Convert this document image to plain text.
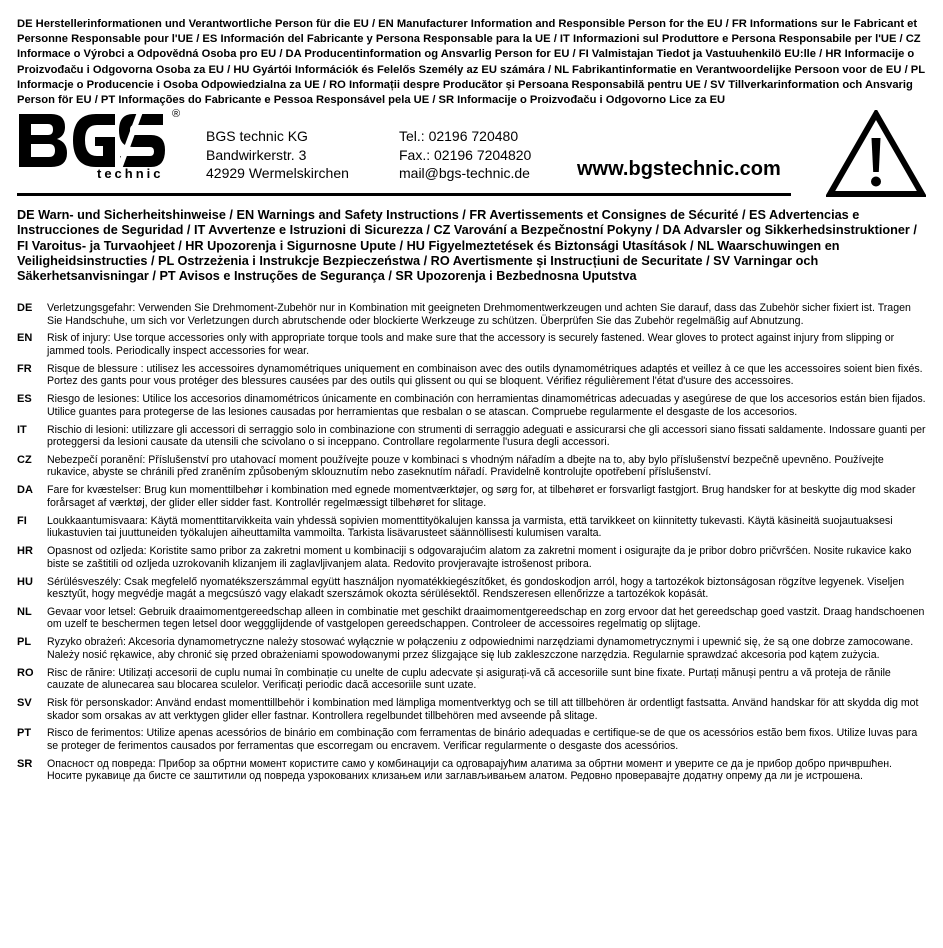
DE Herstellerinformationen und Verantwortliche Person für die EU / EN Manufacturer Information and Responsible Person for the EU / FR Informations sur le Fabricant et Personne Responsable pour l'UE / ES Información del Fabricante y Persona Responsable para la UE / IT Informazioni sul Produttore e Persona Responsabile per l'UE / CZ Informace o Výrobci a Odpovědná Osoba pro EU / DA Producentinformation og Ansvarlig Person for EU / FI Valmistajan Tiedot ja Vastuuhenkilö EU:lle / HR Informacije o Proizvođaču i Odgovorna Osoba za EU / HU Gyártói Információk és Felelős Személy az EU számára / NL Fabrikantinformatie en Verantwoordelijke Persoon voor de EU / PL Informacje o Producencie i Osoba Odpowiedzialna za UE / RO Informații despre Producător și Persoana Responsabilă pentru UE / SV Tillverkarinformation och Ansvarig Person för EU / PT Informações do Fabricante e Pessoa Responsável pela UE / SR Informacije o Proizvođaču i Odgovorno Lice za EU
®
technic
BGS technic KG
Bandwirkerstr. 3
42929 Wermelskirchen
Tel.: 02196 720480
Fax.: 02196 7204820
mail@bgs-technic.de www.bgstechnic.com
DE Warn- und Sicherheitshinweise / EN Warnings and Safety Instructions / FR Avertissements et Consignes de Sécurité / ES Advertencias e Instrucciones de Seguridad / IT Avvertenze e Istruzioni di Sicurezza / CZ Varování a Bezpečnostní Pokyny / DA Advarsler og Sikkerhedsinstruktioner / FI Varoitus- ja Turvaohjeet / HR Upozorenja i Sigurnosne Upute / HU Figyelmeztetések és Biztonsági Utasítások / NL Waarschuwingen en Veiligheidsinstructies / PL Ostrzeżenia i Instrukcje Bezpieczeństwa / RO Avertismente și Instrucțiuni de Securitate / SV Varningar och Säkerhetsanvisningar / PT Avisos e Instruções de Segurança / SR Upozorenja i Bezbednosna Uputstva
DE	Verletzungsgefahr: Verwenden Sie Drehmoment-Zubehör nur in Kombination mit geeigneten Drehmomentwerkzeugen und achten Sie darauf, dass das Zubehör sicher fixiert ist. Tragen Sie Handschuhe, um sich vor Verletzungen durch abrutschende oder blockierte Werkzeuge zu schützen. Überprüfen Sie das Zubehör regelmäßig auf Abnutzung.
EN	Risk of injury: Use torque accessories only with appropriate torque tools and make sure that the accessory is securely fastened. Wear gloves to protect against injury from slipping or jammed tools. Periodically inspect accessories for wear.
FR	Risque de blessure : utilisez les accessoires dynamométriques uniquement en combinaison avec des outils dynamométriques adaptés et veillez à ce que les accessoires soient bien fixés. Portez des gants pour vous protéger des blessures causées par des outils qui glissent ou qui se bloquent. Vérifiez régulièrement l'état d'usure des accessoires.
ES	Riesgo de lesiones: Utilice los accesorios dinamométricos únicamente en combinación con herramientas dinamométricas adecuadas y asegúrese de que los accesorios están bien fijados. Utilice guantes para protegerse de las lesiones causadas por herramientas que resbalan o se atascan. Compruebe regularmente el desgaste de los accesorios.
IT	Rischio di lesioni: utilizzare gli accessori di serraggio solo in combinazione con strumenti di serraggio adeguati e assicurarsi che gli accessori siano fissati saldamente. Indossare guanti per proteggersi da lesioni causate da utensili che scivolano o si inceppano. Controllare regolarmente l'usura degli accessori.
CZ	Nebezpečí poranění: Příslušenství pro utahovací moment používejte pouze v kombinaci s vhodným nářadím a dbejte na to, aby bylo příslušenství bezpečně upevněno. Používejte rukavice, abyste se chránili před zraněním způsobeným sklouznutím nebo zaseknutím nářadí. Pravidelně kontrolujte opotřebení příslušenství.
DA	Fare for kvæstelser: Brug kun momenttilbehør i kombination med egnede momentværktøjer, og sørg for, at tilbehøret er forsvarligt fastgjort. Brug handsker for at beskytte dig mod skader forårsaget af værktøj, der glider eller sidder fast. Kontrollér regelmæssigt tilbehøret for slitage.
FI	Loukkaantumisvaara: Käytä momenttitarvikkeita vain yhdessä sopivien momenttityökalujen kanssa ja varmista, että tarvikkeet on kiinnitetty tukevasti. Käytä käsineitä suojautuaksesi liukastuvien tai juuttuneiden työkalujen aiheuttamilta vammoilta. Tarkista lisävarusteet säännöllisesti kulumisen varalta.
HR	Opasnost od ozljeda: Koristite samo pribor za zakretni moment u kombinaciji s odgovarajućim alatom za zakretni moment i osigurajte da je pribor dobro pričvršćen. Nosite rukavice kako biste se zaštitili od ozljeda uzrokovanih klizanjem ili zaglavljivanjem alata. Redovito provjeravajte istrošenost pribora.
HU	Sérülésveszély: Csak megfelelő nyomatékszerszámmal együtt használjon nyomatékkiegészítőket, és gondoskodjon arról, hogy a tartozékok biztonságosan rögzítve legyenek. Viseljen kesztyűt, hogy megvédje magát a megcsúszó vagy elakadt szerszámok okozta sérülésektől. Rendszeresen ellenőrizze a tartozékok kopását.
NL	Gevaar voor letsel: Gebruik draaimomentgereedschap alleen in combinatie met geschikt draaimomentgereedschap en zorg ervoor dat het gereedschap goed vastzit. Draag handschoenen om uzelf te beschermen tegen letsel door weggglijdende of vastgelopen gereedschappen. Controleer de accessoires regelmatig op slijtage.
PL	Ryzyko obrażeń: Akcesoria dynamometryczne należy stosować wyłącznie w połączeniu z odpowiednimi narzędziami dynamometrycznymi i upewnić się, że są one dobrze zamocowane. Należy nosić rękawice, aby chronić się przed obrażeniami spowodowanymi przez ślizgające się lub zakleszczone narzędzia. Regularnie sprawdzać akcesoria pod kątem zużycia.
RO	Risc de rănire: Utilizați accesorii de cuplu numai în combinație cu unelte de cuplu adecvate și asigurați-vă că accesoriile sunt bine fixate. Purtați mănuși pentru a vă proteja de rănile cauzate de alunecarea sau blocarea sculelor. Verificați periodic dacă accesoriile sunt uzate.
SV	Risk för personskador: Använd endast momenttillbehör i kombination med lämpliga momentverktyg och se till att tillbehören är ordentligt fastsatta. Använd handskar för att skydda dig mot skador som orsakas av att verktygen glider eller fastnar. Kontrollera regelbundet tillbehören med avseende på slitage.
PT	Risco de ferimentos: Utilize apenas acessórios de binário em combinação com ferramentas de binário adequadas e certifique-se de que os acessórios estão bem fixos. Utilize luvas para se proteger de ferimentos causados por ferramentas que escorregam ou encravem. Verificar regularmente o desgaste dos acessórios.
SR	Опасност од повреда: Прибор за обртни момент користите само у комбинацији са одговарајућим алатима за обртни момент и уверите се да је прибор добро причвршћен. Носите рукавице да бисте се заштитили од повреда узрокованих клизањем или заглављивањем алатом. Редовно проверавајте додатну опрему да ли је истрошена.
